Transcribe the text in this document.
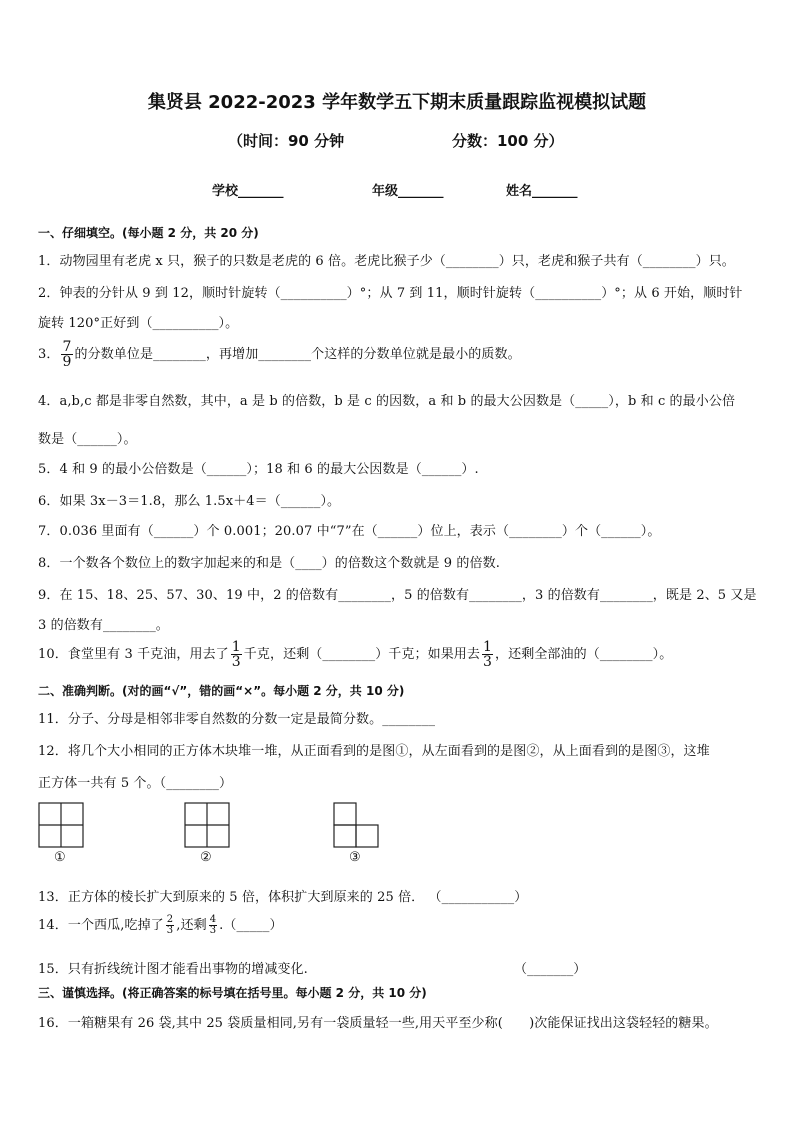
集贤县 2022-2023 学年数学五下期末质量跟踪监视模拟试题
（时间：90 分钟	分数：100 分）
学校_______	年级_______	姓名_______
一、仔细填空。(每小题 2 分，共 20 分)
1．动物园里有老虎 x 只，猴子的只数是老虎的 6 倍。老虎比猴子少（________）只，老虎和猴子共有（________）只。
2．钟表的分针从 9 到 12，顺时针旋转（__________）°；从 7 到 11，顺时针旋转（__________）°；从 6 开始，顺时针
旋转 120°正好到（__________）。
3． $\frac{7}{9}$ 的分数单位是________，再增加________个这样的分数单位就是最小的质数。
4．a,b,c 都是非零自然数，其中，a 是 b 的倍数，b 是 c 的因数，a 和 b 的最大公因数是（_____），b 和 c 的最小公倍
数是（______）。
5．4 和 9 的最小公倍数是（______）；18 和 6 的最大公因数是（______）.
6．如果 3x－3＝1.8，那么 1.5x＋4＝（______）。
7．0.036 里面有（______）个 0.001；20.07 中“7”在（______）位上，表示（________）个（______）。
8．一个数各个数位上的数字加起来的和是（____）的倍数这个数就是 9 的倍数.
9．在 15、18、25、57、30、19 中，2 的倍数有________，5 的倍数有________，3 的倍数有________，既是 2、5 又是
3 的倍数有________。
10．食堂里有 3 千克油，用去了 $\frac{1}{3}$ 千克，还剩（________）千克；如果用去 $\frac{1}{3}$ ，还剩全部油的（________）。
二、准确判断。(对的画“√”，错的画“×”。每小题 2 分，共 10 分)
11．分子、分母是相邻非零自然数的分数一定是最简分数。________
12．将几个大小相同的正方体木块堆一堆，从正面看到的是图①，从左面看到的是图②，从上面看到的是图③，这堆
正方体一共有 5 个。（________）
①	②	③
13．正方体的棱长扩大到原来的 5 倍，体积扩大到原来的 25 倍． （___________）
14．一个西瓜,吃掉了 $\frac{2}{3}$ ,还剩 $\frac{4}{3}$ .（_____）
15．只有折线统计图才能看出事物的增减变化.	（_______）
三、谨慎选择。(将正确答案的标号填在括号里。每小题 2 分，共 10 分)
16．一箱糖果有 26 袋,其中 25 袋质量相同,另有一袋质量轻一些,用天平至少称(　　)次能保证找出这袋轻轻的糖果。
